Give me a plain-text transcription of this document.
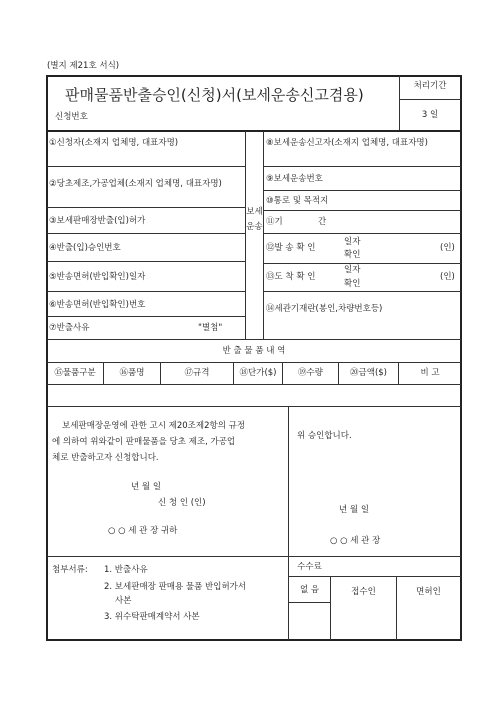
(별지 제21호 서식)
판매물품반출승인(신청)서(보세운송신고겸용)
신청번호
처리기간
3 일
①신청자(소재지 업체명, 대표자명)
②당초제조,가공업체(소재지 업체명, 대표자명)
③보세판매장반출(입)허가
④반출(입)승인번호
⑤반송면허(반입확인)일자
⑥반송면허(반입확인)번호
⑦반출사유	"별첨"
보세운송
⑧보세운송신고자(소재지 업체명, 대표자명)
⑨보세운송번호
⑩통로 및 목적지
⑪기	간
⑫발 송 확 인
일자
확인
(인)
⑬도 착 확 인
일자
확인
(인)
⑭세관기재란(봉인,차량번호등)
반 출 물 품 내 역
⑮물품구분	⑯품명	⑰규격	⑱단가($)	⑲수량	⑳금액($)	비 고
보세판매장운영에 관한 고시 제20조제2항의 규정
에 의하여 위와같이 판매물품을 당초 제조, 가공업
체로 반출하고자 신청합니다.
년 월 일
신 청 인 (인)
○ ○ 세 관 장 귀하
위 승인합니다.
년 월 일
○ ○ 세 관 장
첨부서류: 1. 반출사유
2. 보세판매장 판매용 물품 반입허가서
사본
3. 위수탁판매계약서 사본
수수료
없 음	접수인	면허인
